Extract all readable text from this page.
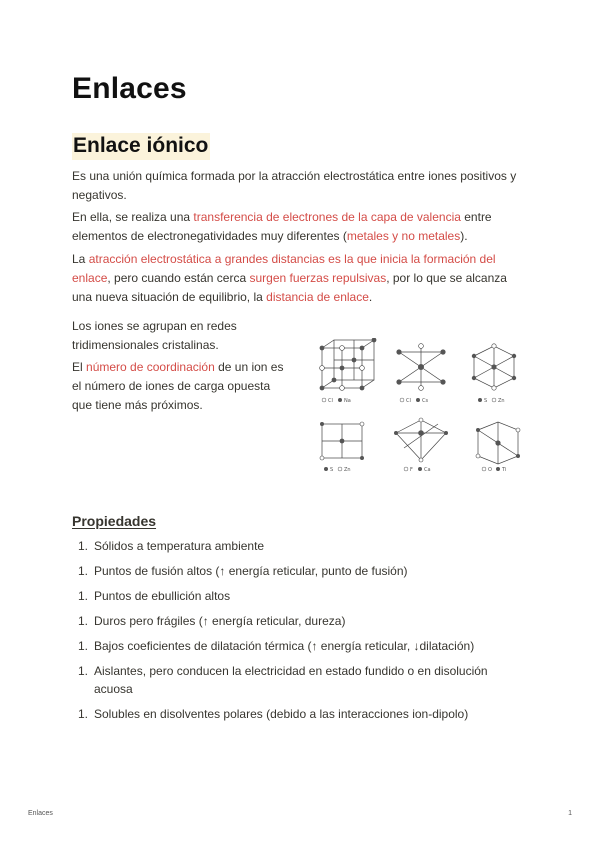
Enlaces
Enlace iónico

Es una unión química formada por la atracción electrostática entre iones positivos y negativos.

En ella, se realiza una transferencia de electrones de la capa de valencia entre elementos de electronegatividades muy diferentes (metales y no metales).

La atracción electrostática a grandes distancias es la que inicia la formación del enlace, pero cuando están cerca surgen fuerzas repulsivas, por lo que se alcanza una nueva situación de equilibrio, la distancia de enlace.

Los iones se agrupan en redes tridimensionales cristalinas.

El número de coordinación de un ion es el número de iones de carga opuesta que tiene más próximos.	Cl Na	Cl Cs	S Zn
S Zn	F Ca	O Ti
Propiedades
1. Sólidos a temperatura ambiente
1. Puntos de fusión altos (↑ energía reticular, punto de fusión)
1. Puntos de ebullición altos
1. Duros pero frágiles (↑ energía reticular, dureza)
1. Bajos coeficientes de dilatación térmica (↑ energía reticular, ↓dilatación)
1. Aislantes, pero conducen la electricidad en estado fundido o en disolución acuosa
1. Solubles en disolventes polares (debido a las interacciones ion-dipolo)
Enlaces	1
